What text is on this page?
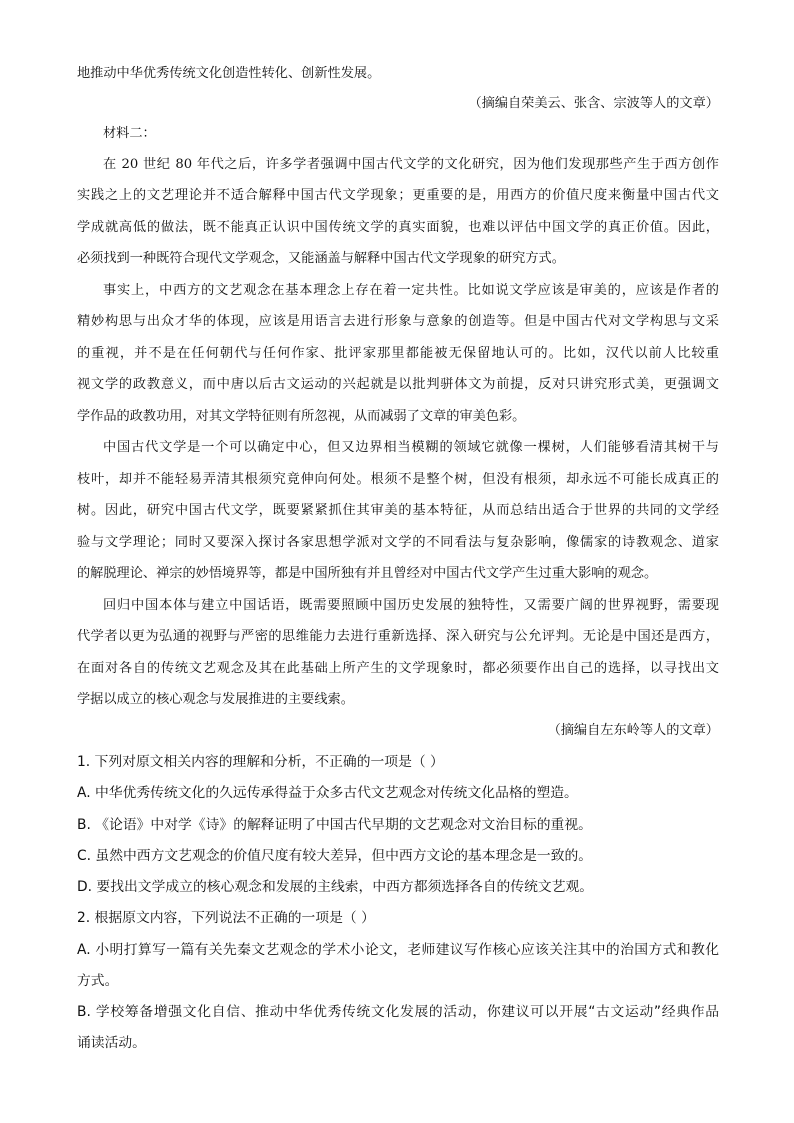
地推动中华优秀传统文化创造性转化、创新性发展。
（摘编自荣美云、张含、宗波等人的文章）
材料二：
在 20 世纪 80 年代之后，许多学者强调中国古代文学的文化研究，因为他们发现那些产生于西方创作
实践之上的文艺理论并不适合解释中国古代文学现象；更重要的是，用西方的价值尺度来衡量中国古代文
学成就高低的做法，既不能真正认识中国传统文学的真实面貌，也难以评估中国文学的真正价值。因此，
必须找到一种既符合现代文学观念，又能涵盖与解释中国古代文学现象的研究方式。
事实上，中西方的文艺观念在基本理念上存在着一定共性。比如说文学应该是审美的，应该是作者的
精妙构思与出众才华的体现，应该是用语言去进行形象与意象的创造等。但是中国古代对文学构思与文采
的重视，并不是在任何朝代与任何作家、批评家那里都能被无保留地认可的。比如，汉代以前人比较重
视文学的政教意义，而中唐以后古文运动的兴起就是以批判骈体文为前提，反对只讲究形式美，更强调文
学作品的政教功用，对其文学特征则有所忽视，从而减弱了文章的审美色彩。
中国古代文学是一个可以确定中心，但又边界相当模糊的领域它就像一棵树，人们能够看清其树干与
枝叶，却并不能轻易弄清其根须究竟伸向何处。根须不是整个树，但没有根须，却永远不可能长成真正的
树。因此，研究中国古代文学，既要紧紧抓住其审美的基本特征，从而总结出适合于世界的共同的文学经
验与文学理论；同时又要深入探讨各家思想学派对文学的不同看法与复杂影响，像儒家的诗教观念、道家
的解脱理论、禅宗的妙悟境界等，都是中国所独有并且曾经对中国古代文学产生过重大影响的观念。
回归中国本体与建立中国话语，既需要照顾中国历史发展的独特性，又需要广阔的世界视野，需要现
代学者以更为弘通的视野与严密的思维能力去进行重新选择、深入研究与公允评判。无论是中国还是西方，
在面对各自的传统文艺观念及其在此基础上所产生的文学现象时，都必须要作出自己的选择，以寻找出文
学据以成立的核心观念与发展推进的主要线索。
（摘编自左东岭等人的文章）
1. 下列对原文相关内容的理解和分析，不正确的一项是（ ）
A. 中华优秀传统文化的久远传承得益于众多古代文艺观念对传统文化品格的塑造。
B. 《论语》中对学《诗》的解释证明了中国古代早期的文艺观念对文治目标的重视。
C. 虽然中西方文艺观念的价值尺度有较大差异，但中西方文论的基本理念是一致的。
D. 要找出文学成立的核心观念和发展的主线索，中西方都须选择各自的传统文艺观。
2. 根据原文内容，下列说法不正确的一项是（ ）
A. 小明打算写一篇有关先秦文艺观念的学术小论文，老师建议写作核心应该关注其中的治国方式和教化
方式。
B. 学校筹备增强文化自信、推动中华优秀传统文化发展的活动，你建议可以开展“古文运动”经典作品
诵读活动。
